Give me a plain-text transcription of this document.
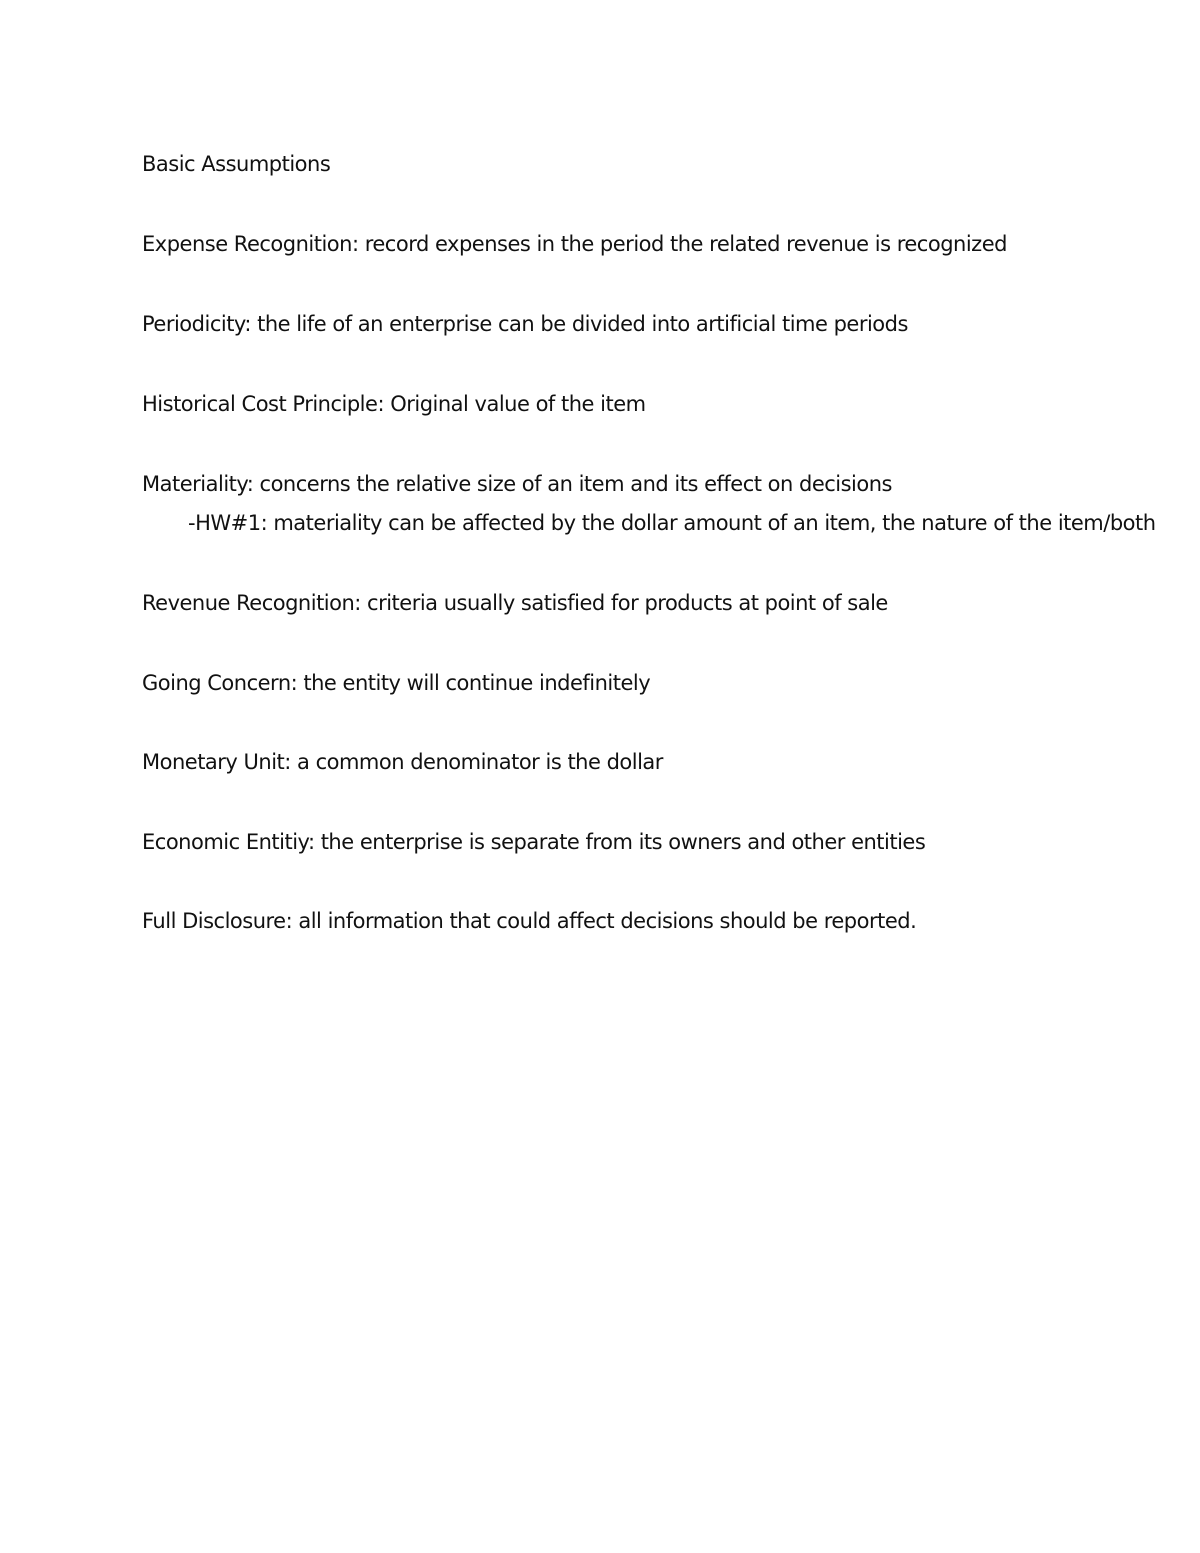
Basic Assumptions
Expense Recognition: record expenses in the period the related revenue is recognized
Periodicity: the life of an enterprise can be divided into artificial time periods
Historical Cost Principle: Original value of the item
Materiality: concerns the relative size of an item and its effect on decisions
-HW#1: materiality can be affected by the dollar amount of an item, the nature of the item/both
Revenue Recognition: criteria usually satisfied for products at point of sale
Going Concern: the entity will continue indefinitely
Monetary Unit: a common denominator is the dollar
Economic Entitiy: the enterprise is separate from its owners and other entities
Full Disclosure: all information that could affect decisions should be reported.
